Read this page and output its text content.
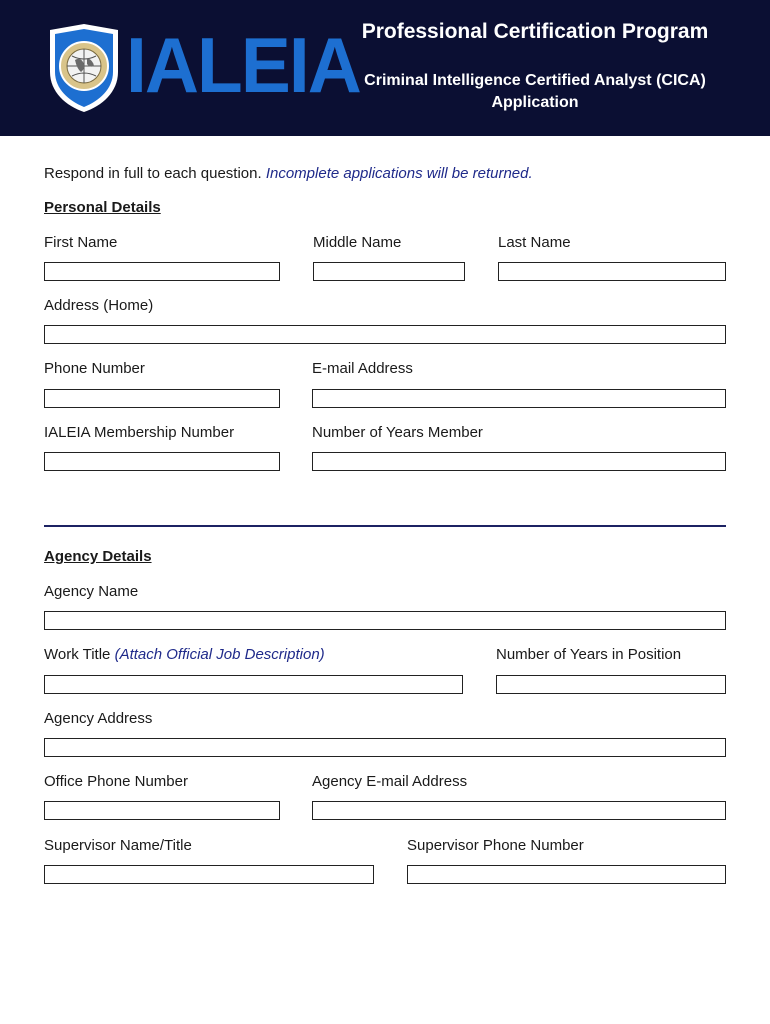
IALEIA Professional Certification Program
Criminal Intelligence Certified Analyst (CICA)
Application
Respond in full to each question. Incomplete applications will be returned.
Personal Details
First Name	Middle Name	Last Name
Address (Home)
Phone Number	E-mail Address
IALEIA Membership Number	Number of Years Member
Agency Details
Agency Name
Work Title (Attach Official Job Description)	Number of Years in Position
Agency Address
Office Phone Number	Agency E-mail Address
Supervisor Name/Title	Supervisor Phone Number
